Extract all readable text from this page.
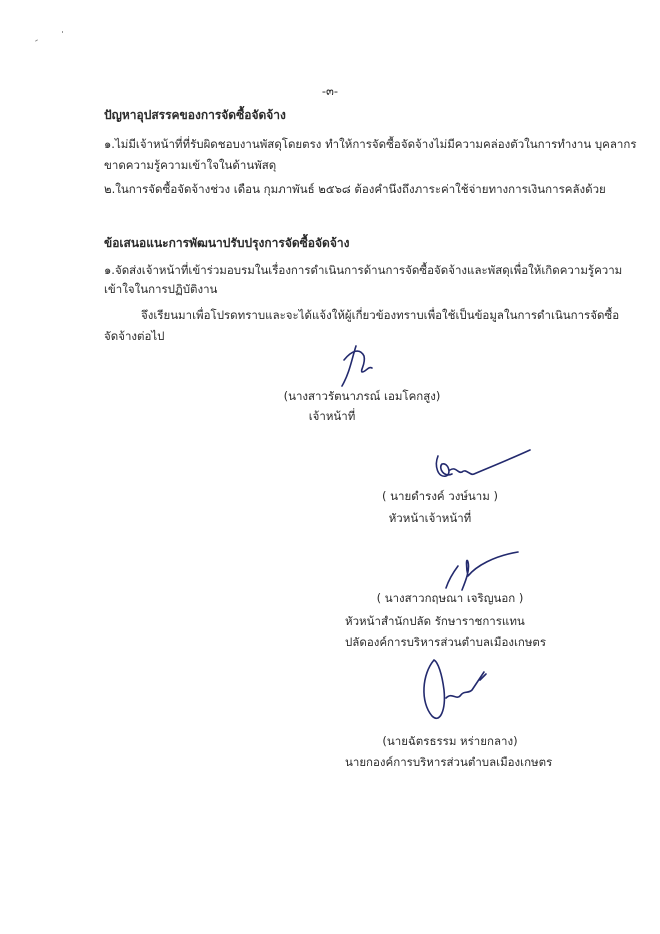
-๓-
ปัญหาอุปสรรคของการจัดซื้อจัดจ้าง
๑.ไม่มีเจ้าหน้าที่ที่รับผิดชอบงานพัสดุโดยตรง ทำให้การจัดซื้อจัดจ้างไม่มีความคล่องตัวในการทำงาน บุคลากร
ขาดความรู้ความเข้าใจในด้านพัสดุ
๒.ในการจัดซื้อจัดจ้างช่วง เดือน กุมภาพันธ์ ๒๕๖๘ ต้องคำนึงถึงภาระค่าใช้จ่ายทางการเงินการคลังด้วย
ข้อเสนอแนะการพัฒนาปรับปรุงการจัดซื้อจัดจ้าง
๑.จัดส่งเจ้าหน้าที่เข้าร่วมอบรมในเรื่องการดำเนินการด้านการจัดซื้อจัดจ้างและพัสดุเพื่อให้เกิดความรู้ความ
เข้าใจในการปฏิบัติงาน
จึงเรียนมาเพื่อโปรดทราบและจะได้แจ้งให้ผู้เกี่ยวข้องทราบเพื่อใช้เป็นข้อมูลในการดำเนินการจัดซื้อ
จัดจ้างต่อไป
(นางสาวรัตนาภรณ์ เอมโคกสูง)
เจ้าหน้าที่
( นายดำรงค์ วงษ์นาม )
หัวหน้าเจ้าหน้าที่
( นางสาวกฤษณา เจริญนอก )
หัวหน้าสำนักปลัด รักษาราชการแทน
ปลัดองค์การบริหารส่วนตำบลเมืองเกษตร
(นายฉัตรธรรม หร่ายกลาง)
นายกองค์การบริหารส่วนตำบลเมืองเกษตร
